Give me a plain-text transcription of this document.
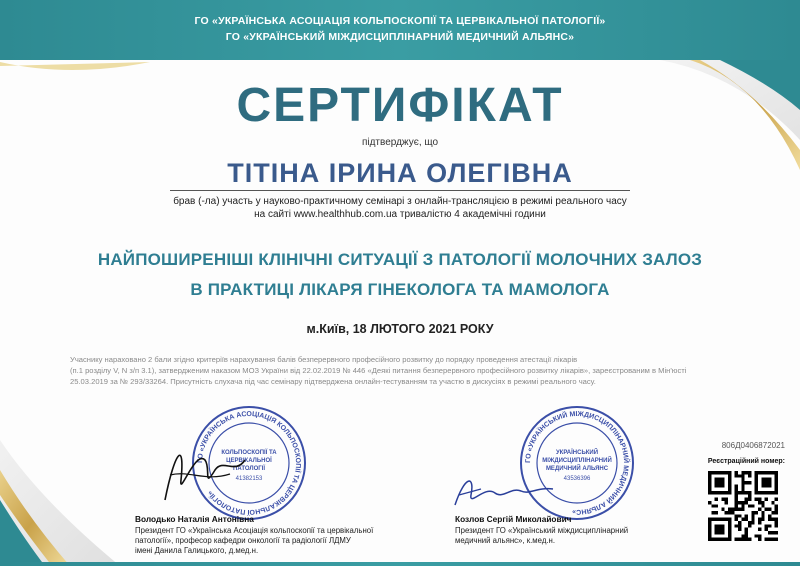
ГО «УКРАЇНСЬКА АСОЦІАЦІЯ КОЛЬПОСКОПІЇ ТА ЦЕРВІКАЛЬНОЇ ПАТОЛОГІЇ»
ГО «УКРАЇНСЬКИЙ МІЖДИСЦИПЛІНАРНИЙ МЕДИЧНИЙ АЛЬЯНС»
СЕРТИФІКАТ
підтверджує, що
ТІТІНА ІРИНА ОЛЕГІВНА
брав (-ла) участь у науково-практичному семінарі з онлайн-трансляцією в режимі реального часу
на сайті www.healthhub.com.ua тривалістю 4 академічні години
НАЙПОШИРЕНІШІ КЛІНІЧНІ СИТУАЦІЇ З ПАТОЛОГІЇ МОЛОЧНИХ ЗАЛОЗ
В ПРАКТИЦІ ЛІКАРЯ ГІНЕКОЛОГА ТА МАМОЛОГА
м.Київ, 18 ЛЮТОГО 2021 РОКУ
Учаснику нараховано 2 бали згідно критеріїв нарахування балів безперервного професійного розвитку до порядку проведення атестації лікарів
(п.1 розділу V, N з/п 3.1), затвердженим наказом МОЗ України від 22.02.2019 № 446 «Деякі питання безперервного професійного розвитку лікарів», зареєстрованим в Мін'юсті
25.03.2019 за № 293/33264. Присутність слухача під час семінару підтверджена онлайн-тестуванням та участю в дискусіях в режимі реального часу.
ГО «УКРАЇНСЬКА АСОЦІАЦІЯ КОЛЬПОСКОПІЇ ТА ЦЕРВІКАЛЬНОЇ ПАТОЛОГІЇ»
КОЛЬПОСКОПІЇ ТА
ЦЕРВІКАЛЬНОЇ
ПАТОЛОГІЇ
41382153
ГО «УКРАЇНСЬКИЙ МІЖДИСЦИПЛІНАРНИЙ МЕДИЧНИЙ АЛЬЯНС»
УКРАЇНСЬКИЙ
МІЖДИСЦИПЛІНАРНИЙ
МЕДИЧНИЙ АЛЬЯНС
43536396
Володько Наталія Антонівна
Президент ГО «Українська Асоціація кольпоскопії та цервікальної
патології», професор кафедри онкології та радіології ЛДМУ
імені Данила Галицького, д.мед.н.
Козлов Сергій Миколайович
Президент ГО «Український міждисциплінарний
медичний альянс», к.мед.н.
806Д0406872021
Реєстраційний номер:
